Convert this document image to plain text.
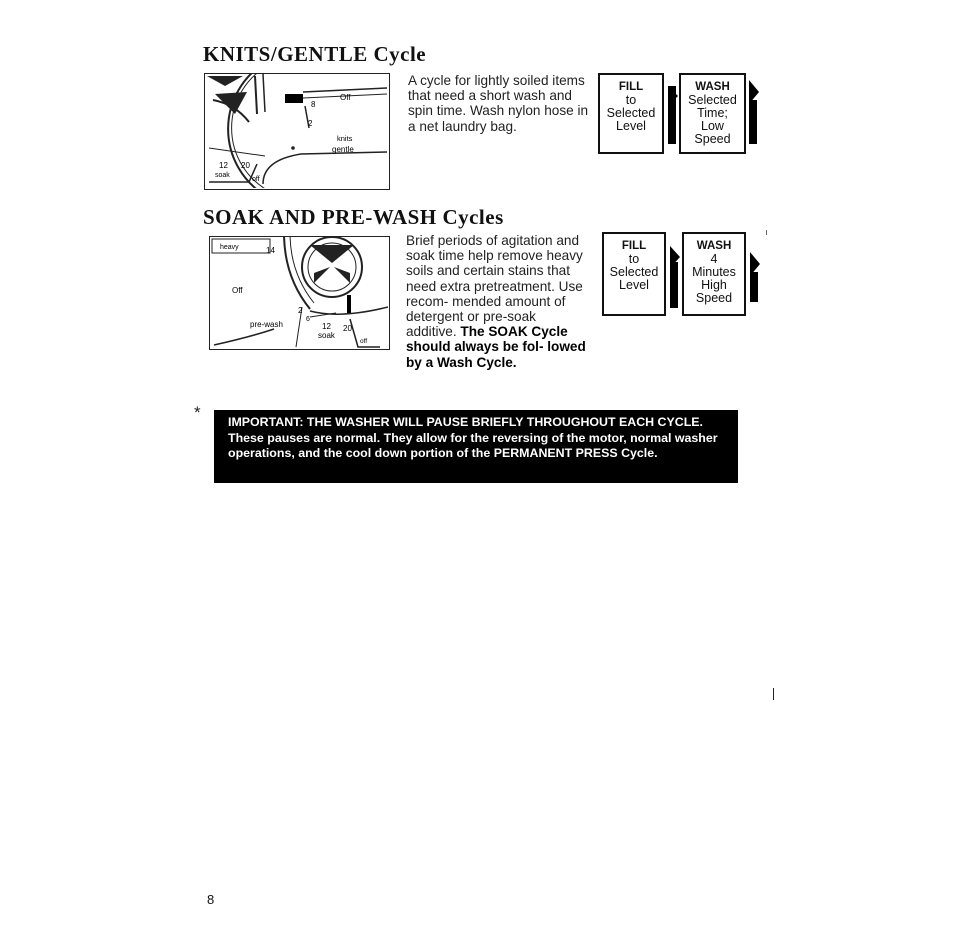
KNITS/GENTLE Cycle
Off
8
2
knits
gentle
12 20
soak
off
A cycle for lightly soiled items that need a short wash and spin time. Wash nylon hose in a net laundry bag.
FILL
to
Selected
Level
WASH
Selected
Time;
Low
Speed
SOAK AND PRE-WASH Cycles
heavy	14
Off
2
6
pre-wash	12 20
soak
off
Brief periods of agitation and soak time help remove heavy soils and certain stains that need extra pretreatment. Use recom- mended amount of detergent or pre-soak additive. The SOAK Cycle should always be fol- lowed by a Wash Cycle.
FILL
to
Selected
Level
WASH
4
Minutes
High
Speed
*	IMPORTANT: THE WASHER WILL PAUSE BRIEFLY THROUGHOUT EACH CYCLE. These pauses are normal. They allow for the reversing of the motor, normal washer operations, and the cool down portion of the PERMANENT PRESS Cycle.
8
